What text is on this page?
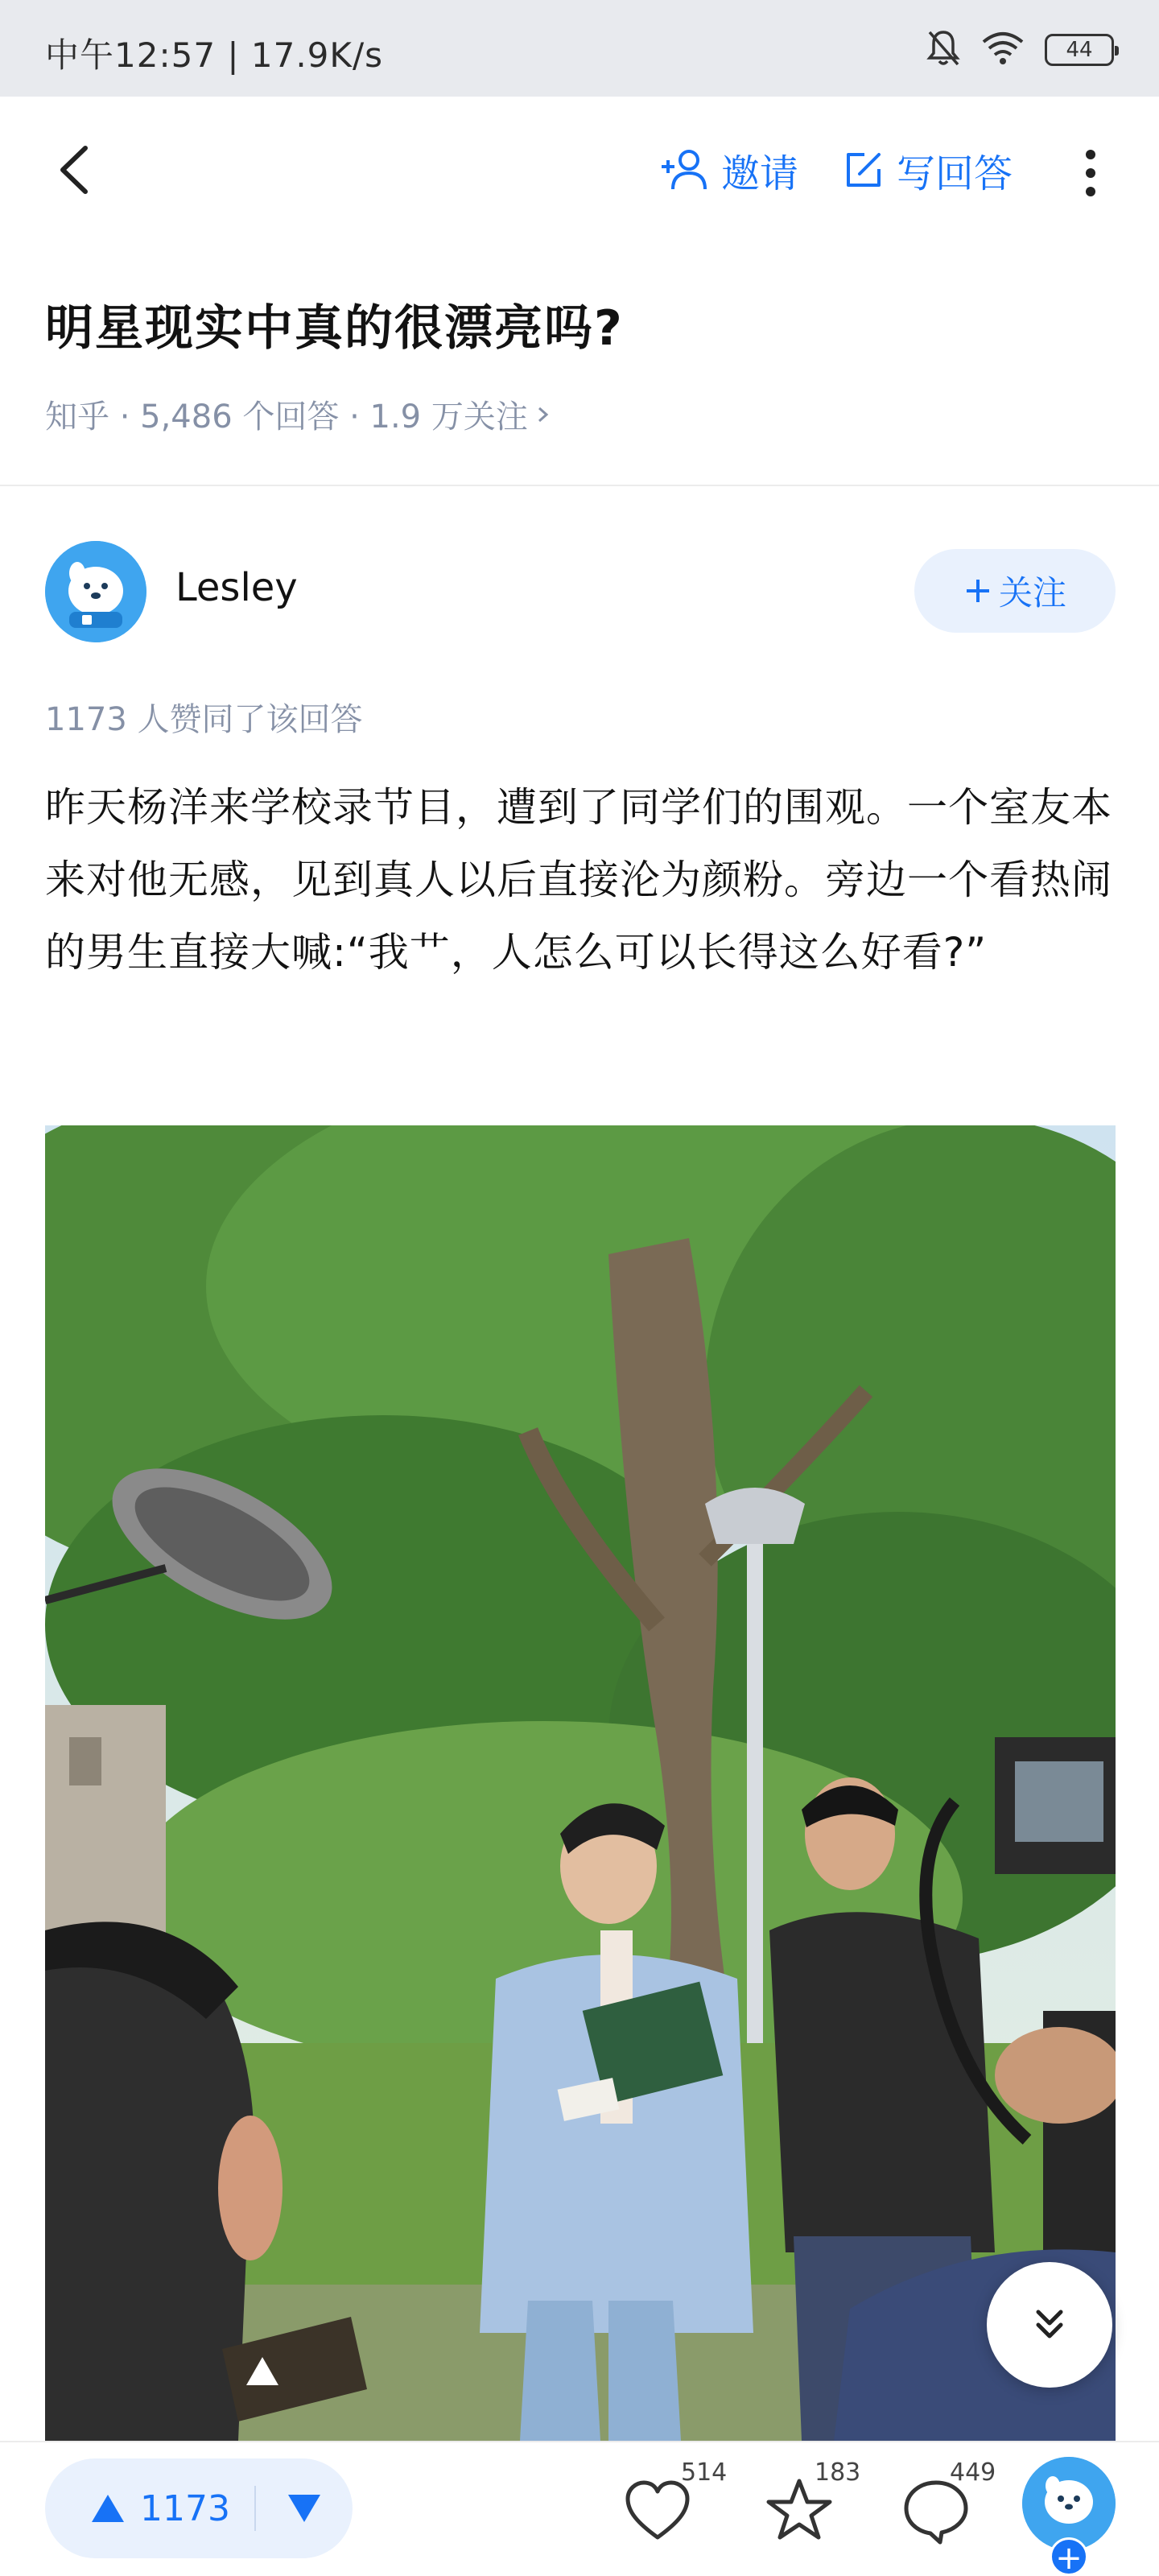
中午12:57 | 17.9K/s	44
邀请	写回答
明星现实中真的很漂亮吗?
知乎 · 5,486 个回答 · 1.9 万关注
Lesley	关注
1173 人赞同了该回答
昨天杨洋来学校录节目，遭到了同学们的围观。一个室友本来对他无感，见到真人以后直接沦为颜粉。旁边一个看热闹的男生直接大喊:“我艹，人怎么可以长得这么好看?”
1173
514	183	449
+
